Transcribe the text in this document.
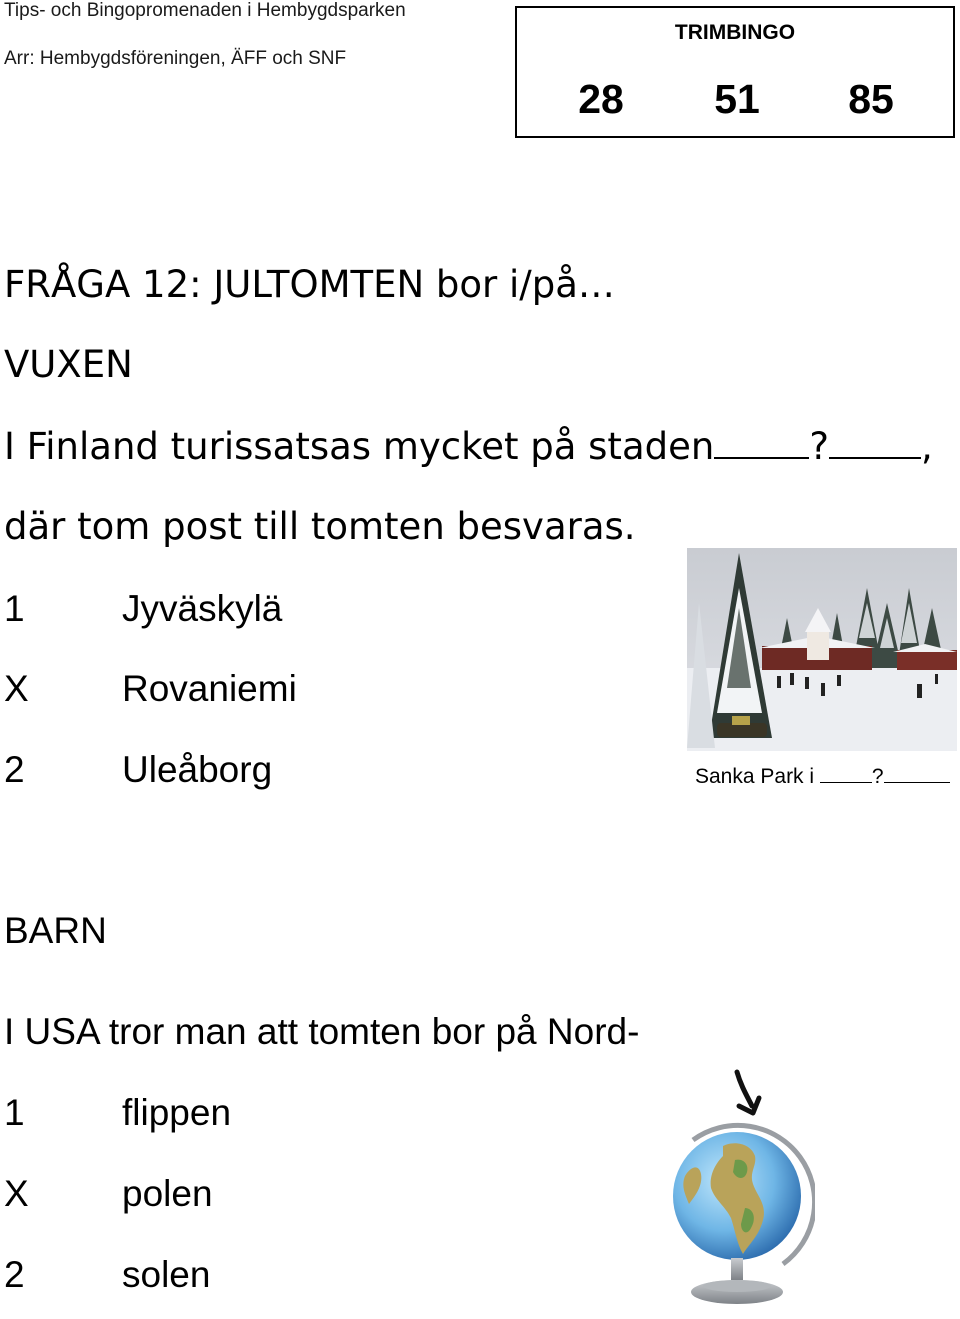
Tips- och Bingopromenaden i Hembygdsparken
Arr: Hembygdsföreningen, ÄFF och SNF
TRIMBINGO
28	51	85
FRÅGA 12: JULTOMTEN bor i/på…
VUXEN
I Finland turissatsas mycket på staden	? ,
där tom post till tomten besvaras.
1	Jyväskylä
X	Rovaniemi
2	Uleåborg	Sanka Park i	?
BARN
I USA tror man att tomten bor på Nord-
1	flippen
X	polen
2	solen
